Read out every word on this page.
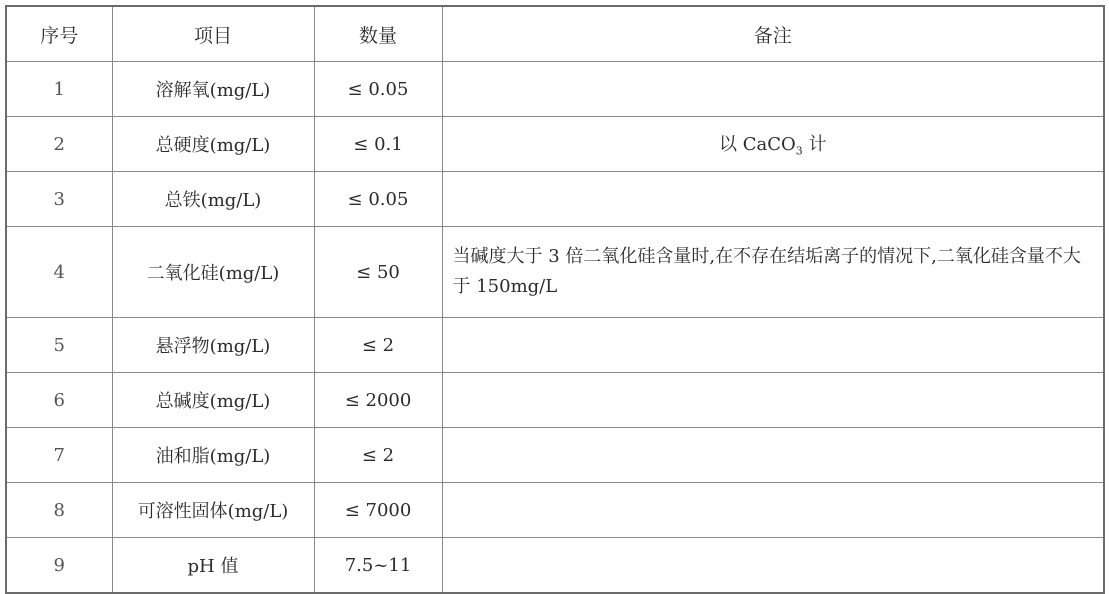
序号	项目	数量	备注
1	溶解氧(mg/L)	≤ 0.05	
2	总硬度(mg/L)	≤ 0.1	以 CaCO$_3$ 计
3	总铁(mg/L)	≤ 0.05	
4	二氧化硅(mg/L)	≤ 50	当碱度大于 3 倍二氧化硅含量时,在不存在结垢离子的情况下,二氧化硅含量不大于 150mg/L
5	悬浮物(mg/L)	≤ 2	
6	总碱度(mg/L)	≤ 2000	
7	油和脂(mg/L)	≤ 2	
8	可溶性固体(mg/L)	≤ 7000	
9	pH 值	7.5~11	
